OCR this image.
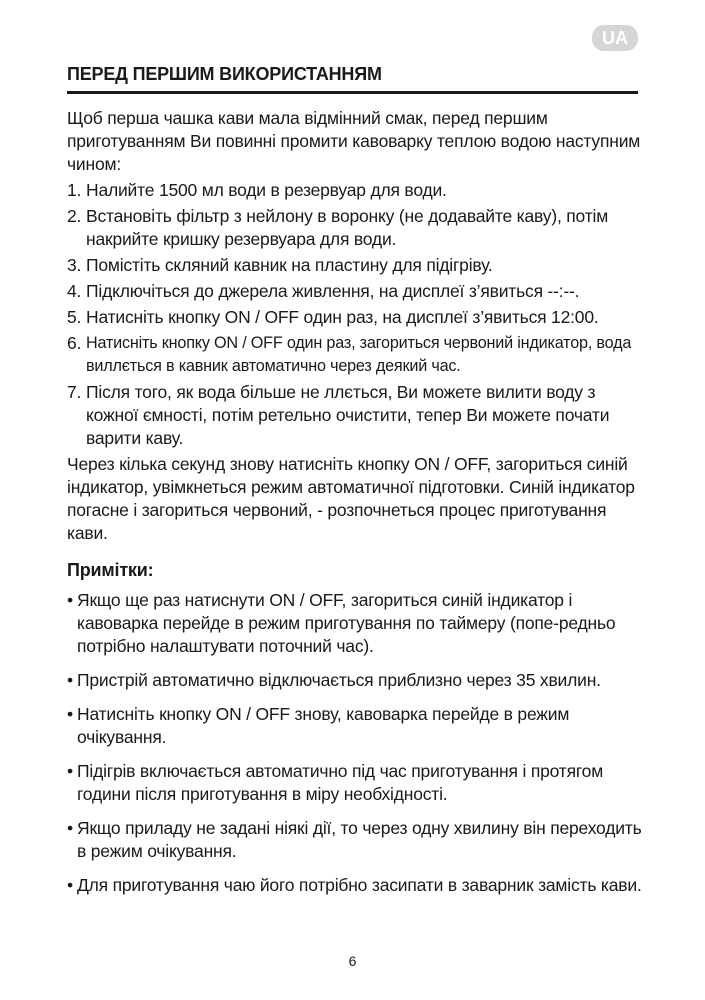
UA
ПЕРЕД ПЕРШИМ ВИКОРИСТАННЯМ
Щоб перша чашка кави мала відмінний смак, перед першим приготуванням Ви повинні промити кавоварку теплою водою наступним чином:
1. Налийте 1500 мл води в резервуар для води.
2. Встановіть фільтр з нейлону в воронку (не додавайте каву), потім накрийте кришку резервуара для води.
3. Помістіть скляний кавник на пластину для підігріву.
4. Підключіться до джерела живлення, на дисплеї з’явиться --:--.
5. Натисніть кнопку ON / OFF один раз, на дисплеї з’явиться 12:00.
6. Натисніть кнопку ON / OFF один раз, загориться червоний індикатор, вода виллється в кавник автоматично через деякий час.
7. Після того, як вода більше не ллється, Ви можете вилити воду з кожної ємності, потім ретельно очистити, тепер Ви можете почати варити каву.
Через кілька секунд знову натисніть кнопку ON / OFF, загориться синій індикатор, увімкнеться режим автоматичної підготовки. Синій індикатор погасне і загориться червоний, - розпочнеться процес приготування кави.
Примітки:
• Якщо ще раз натиснути ON / OFF, загориться синій індикатор і кавоварка перейде в режим приготування по таймеру (попе-редньо потрібно налаштувати поточний час).
• Пристрій автоматично відключається приблизно через 35 хвилин.
• Натисніть кнопку ON / OFF знову, кавоварка перейде в режим очікування.
• Підігрів включається автоматично під час приготування і протягом години після приготування в міру необхідності.
• Якщо приладу не задані ніякі дії, то через одну хвилину він переходить в режим очікування.
• Для приготування чаю його потрібно засипати в заварник замість кави.
6
